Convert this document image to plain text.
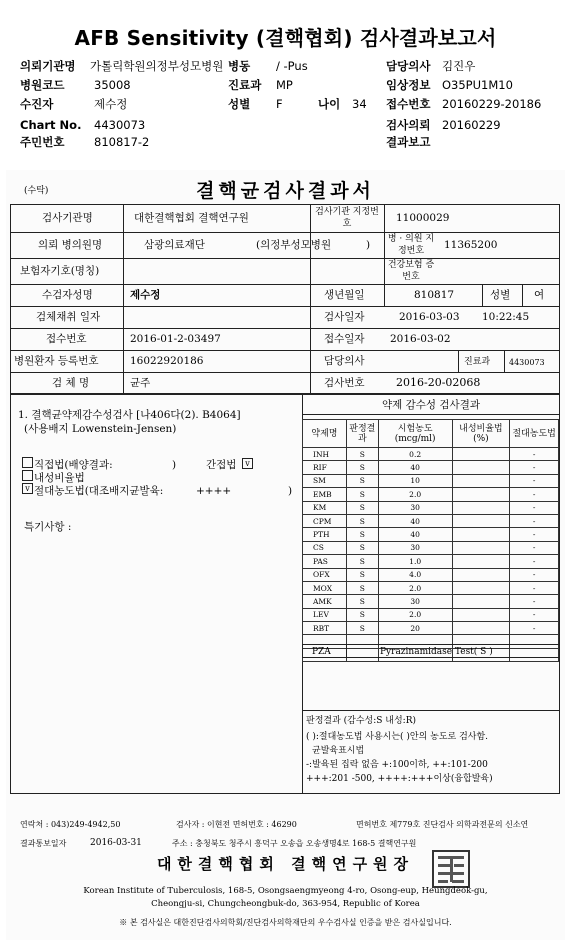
AFB Sensitivity (결핵협회) 검사결과보고서
의뢰기관명 가톨릭학원의정부성모병원 병동 / -Pus	담당의사 김진우
병원코드	35008	진료과 MP	임상정보 O35PU1M10
수진자	제수정	성별 F	나이 34 접수번호 20160229-20186
Chart No. 4430073	검사의뢰 20160229
주민번호	810817-2	결과보고
(수탁)	결핵균검사결과서
검사기관명	대한결핵협회 결핵연구원	검사기관 지정번호	11000029
의뢰 병의원명	삼광의료재단	(의정부성모병원	)	병 · 의원 지정번호	11365200
보험자기호(명칭)	건강보험 증번호
수검자성명	제수정	생년월일	810817	성별 여
검체채취 일자	검사일자	2016-03-03 10:22:45
접수번호	2016-01-2-03497	접수일자 2016-03-02
병원환자 등록번호	16022920186	담당의사	진료과 4430073
검 체 명	균주	검사번호	2016-20-02068
1. 결핵균약제감수성검사 [나406다(2). B4064]
(사용배지 Lowenstein-Jensen)
직접법(배양결과:	)	간접법	v
내성비율법
v 절대농도법(대조배지균발육:	++++	)
특기사항 :
약제 감수성 검사결과
약제명	판정결과	시험농도(mcg/ml)	내성비율법(%)	절대농도법
INH	S	0.2		-
RIF	S	40		-
SM	S	10		-
EMB	S	2.0		-
KM	S	30		-
CPM	S	40		-
PTH	S	40		-
CS	S	30		-
PAS	S	1.0		-
OFX	S	4.0		-
MOX	S	2.0		-
AMK	S	30		-
LEV	S	2.0		-
RBT	S	20		-

PZA	Pyrazinamidase Test( S )
판정결과 (감수성:S 내성:R)
( ):절대농도법 사용시는( )안의 농도로 검사함.
균발육표시법
-:발육된 집락 없음 +:100이하, ++:101-200
+++:201 -500, ++++:+++이상(융합발육)
연락처 : 043)249-4942,50	검사자 : 이현전 면허번호 : 46290	면허번호 제779호 진단검사 의학과전문의 신소연
결과통보일자	2016-03-31	주소 : 충청북도 청주시 흥덕구 오송읍 오송생명4로 168-5 결핵연구원
대한결핵협회 결핵연구원장
Korean Institute of Tuberculosis, 168-5, Osongsaengmyeong 4-ro, Osong-eup, Heungdeok-gu,
Cheongju-si, Chungcheongbuk-do, 363-954, Republic of Korea
※ 본 검사실은 대한진단검사의학회/진단검사의학재단의 우수검사실 인증을 받은 검사실입니다.
